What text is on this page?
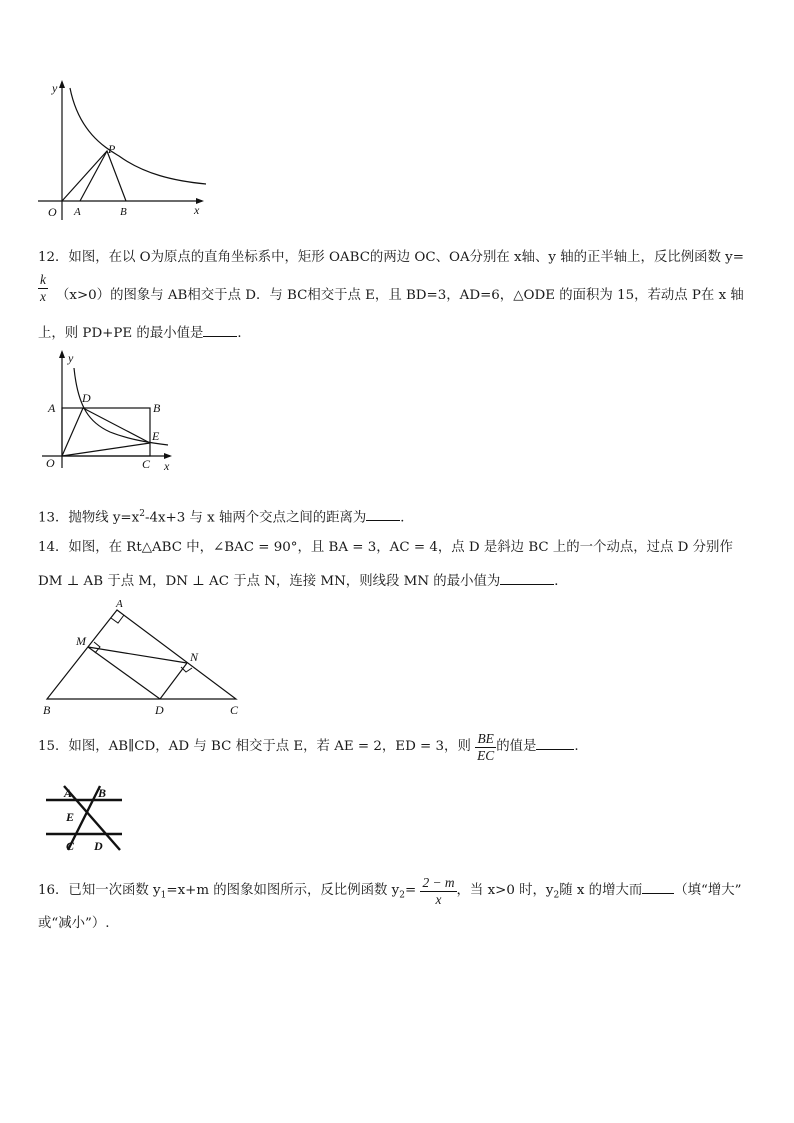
y
x
O A	B
P
12．如图，在以 O为原点的直角坐标系中，矩形 OABC的两边 OC、OA分别在 x轴、y 轴的正半轴上，反比例函数 y=
$\frac{k}{x} (x>0)$的图象与 AB相交于点 D．与 BC相交于点 E，且 BD=3，AD=6，△ODE 的面积为 15，若动点 P在 x 轴
上，则 PD+PE 的最小值是	．
y
x
O
A	B
C
D
E
13．抛物线 $y=x^2-4x+3$ 与 x 轴两个交点之间的距离为	．
14．如图，在 Rt△ABC 中，∠BAC = 90°，且 BA = 3，AC = 4，点 D 是斜边 BC 上的一个动点，过点 D 分别作
DM ⊥ AB 于点 M，DN ⊥ AC 于点 N，连接 MN，则线段 MN 的最小值为	．
A
M
N
B	D	C
15．如图，AB∥CD，AD 与 BC 相交于点 E，若 AE = 2，ED = 3，则 $\frac{BE}{EC}$ 的值是	.
A B
E
C D
16．已知一次函数 $y_1=x+m$ 的图象如图所示，反比例函数 $y_2= \frac{2 - m}{x}$ ，当 x>0 时，$y_2$随 x 的增大而 （填“增大”
或“减小”）.
